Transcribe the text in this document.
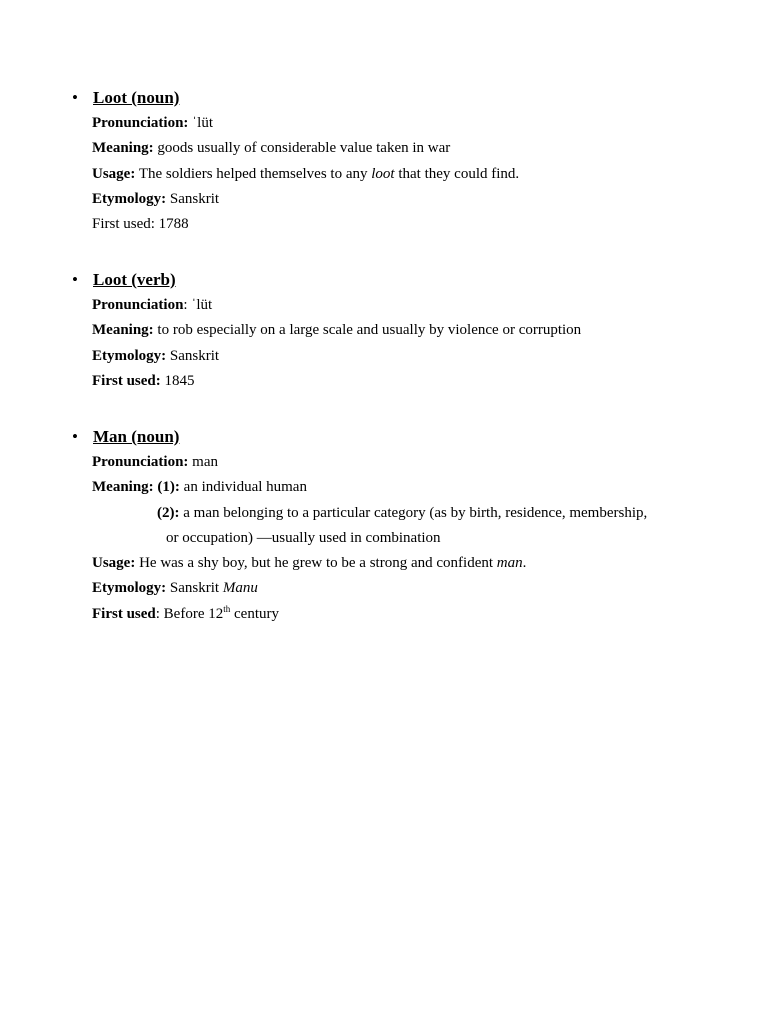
• Loot (noun)
Pronunciation: ˈlüt
Meaning: goods usually of considerable value taken in war
Usage: The soldiers helped themselves to any loot that they could find.
Etymology: Sanskrit
First used: 1788
• Loot (verb)
Pronunciation: ˈlüt
Meaning: to rob especially on a large scale and usually by violence or corruption
Etymology: Sanskrit
First used: 1845
• Man (noun)
Pronunciation: man
Meaning: (1): an individual human
(2): a man belonging to a particular category (as by birth, residence, membership,
or occupation) —usually used in combination
Usage: He was a shy boy, but he grew to be a strong and confident man.
Etymology: Sanskrit Manu
First used: Before 12th century
